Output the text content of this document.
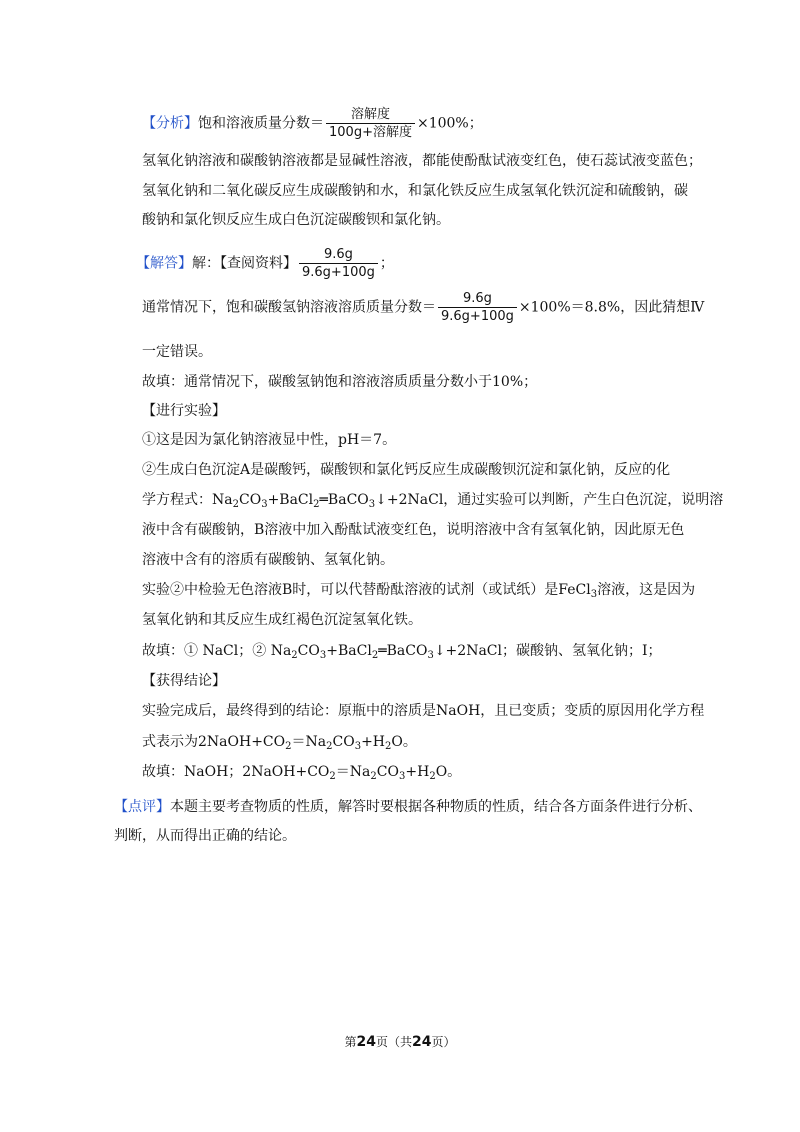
【分析】饱和溶液质量分数＝ $\frac{\text{溶解度}}{\text{100g+溶解度}} \times 100\%$；
氢氧化钠溶液和碳酸钠溶液都是显碱性溶液，都能使酚酞试液变红色，使石蕊试液变蓝色；
氢氧化钠和二氧化碳反应生成碳酸钠和水，和氯化铁反应生成氢氧化铁沉淀和硫酸钠，碳
酸钠和氯化钡反应生成白色沉淀碳酸钡和氯化钠。
【解答】解：【查阅资料】 $\frac{9.6g}{9.6g+100g}$ ；
通常情况下，饱和碳酸氢钠溶液溶质质量分数＝ $\frac{9.6g}{9.6g+100g} \times 100\%=8.8\%$，因此猜想Ⅳ
一定错误。
故填：通常情况下，碳酸氢钠饱和溶液溶质质量分数小于10%；
【进行实验】
①这是因为氯化钠溶液显中性，pH＝7。
②生成白色沉淀A是碳酸钙，碳酸钡和氯化钙反应生成碳酸钡沉淀和氯化钠，反应的化
学方程式：$Na_2CO_3+BaCl_2═BaCO_3↓+2NaCl$，通过实验可以判断，产生白色沉淀，说明溶
液中含有碳酸钠，B溶液中加入酚酞试液变红色，说明溶液中含有氢氧化钠，因此原无色
溶液中含有的溶质有碳酸钠、氢氧化钠。
实验②中检验无色溶液B时，可以代替酚酞溶液的试剂（或试纸）是FeCl$_3$溶液，这是因为
氢氧化钠和其反应生成红褐色沉淀氢氧化铁。
故填：① NaCl；② $Na_2CO_3+BaCl_2═BaCO_3↓+2NaCl$；碳酸钠、氢氧化钠；Ⅰ；
【获得结论】
实验完成后，最终得到的结论：原瓶中的溶质是NaOH，且已变质；变质的原因用化学方程
式表示为$2NaOH+CO_2=Na_2CO_3+H_2O$。
故填：NaOH；$2NaOH+CO_2=Na_2CO_3+H_2O$。
【点评】本题主要考查物质的性质，解答时要根据各种物质的性质，结合各方面条件进行分析、
判断，从而得出正确的结论。
第24页（共24页）
